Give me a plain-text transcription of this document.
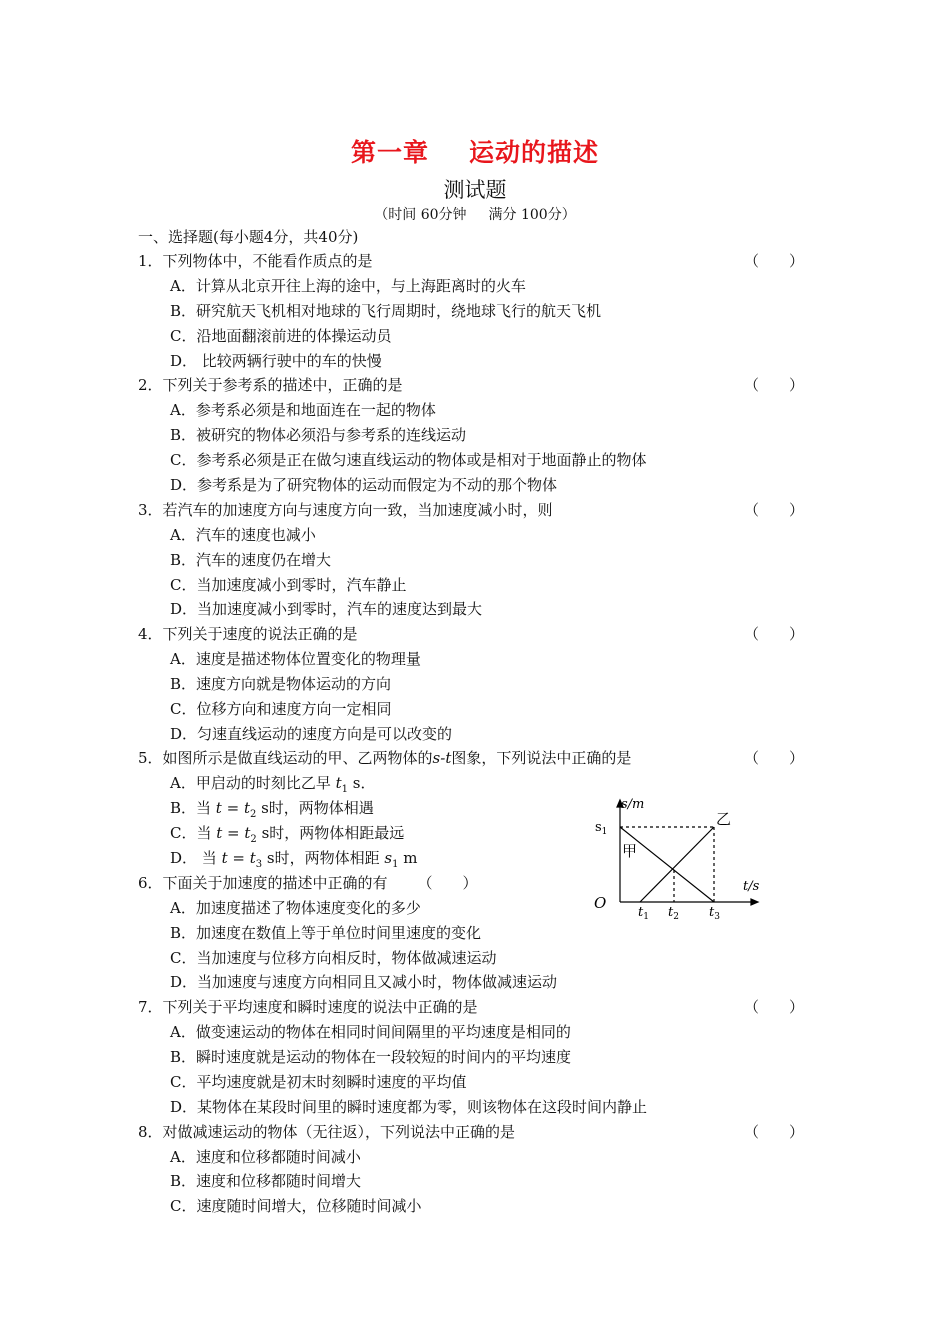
第一章 运动的描述
测试题
（时间 60分钟 满分 100分）
一、选择题(每小题4分，共40分)
1．下列物体中，不能看作质点的是	（　　）
A．计算从北京开往上海的途中，与上海距离时的火车
B．研究航天飞机相对地球的飞行周期时，绕地球飞行的航天飞机
C．沿地面翻滚前进的体操运动员
D． 比较两辆行驶中的车的快慢
2．下列关于参考系的描述中，正确的是	（　　）
A．参考系必须是和地面连在一起的物体
B．被研究的物体必须沿与参考系的连线运动
C．参考系必须是正在做匀速直线运动的物体或是相对于地面静止的物体
D．参考系是为了研究物体的运动而假定为不动的那个物体
3．若汽车的加速度方向与速度方向一致，当加速度减小时，则	（　　）
A．汽车的速度也减小
B．汽车的速度仍在增大
C．当加速度减小到零时，汽车静止
D．当加速度减小到零时，汽车的速度达到最大
4．下列关于速度的说法正确的是	（　　）
A．速度是描述物体位置变化的物理量
B．速度方向就是物体运动的方向
C．位移方向和速度方向一定相同
D．匀速直线运动的速度方向是可以改变的
5．如图所示是做直线运动的甲、乙两物体的s-t图象，下列说法中正确的是	（　　）
A．甲启动的时刻比乙早 $t_1$ s．
B．当 $t = t_2$ s时，两物体相遇
C．当 $t = t_2$ s时，两物体相距最远
D． 当 $t = t_3$ s时，两物体相距 $s_1$ m
6．下面关于加速度的描述中正确的有 （　　）
A．加速度描述了物体速度变化的多少
B．加速度在数值上等于单位时间里速度的变化
C．当加速度与位移方向相反时，物体做减速运动
D．当加速度与速度方向相同且又减小时，物体做减速运动
7．下列关于平均速度和瞬时速度的说法中正确的是	（　　）
A．做变速运动的物体在相同时间间隔里的平均速度是相同的
B．瞬时速度就是运动的物体在一段较短的时间内的平均速度
C．平均速度就是初末时刻瞬时速度的平均值
D．某物体在某段时间里的瞬时速度都为零，则该物体在这段时间内静止
8．对做减速运动的物体（无往返），下列说法中正确的是	（　　）
A．速度和位移都随时间减小
B．速度和位移都随时间增大
C．速度随时间增大，位移随时间减小
s/m
t/s
O
$s_1$
甲
乙
$t_1$ $t_2$ $t_3$
